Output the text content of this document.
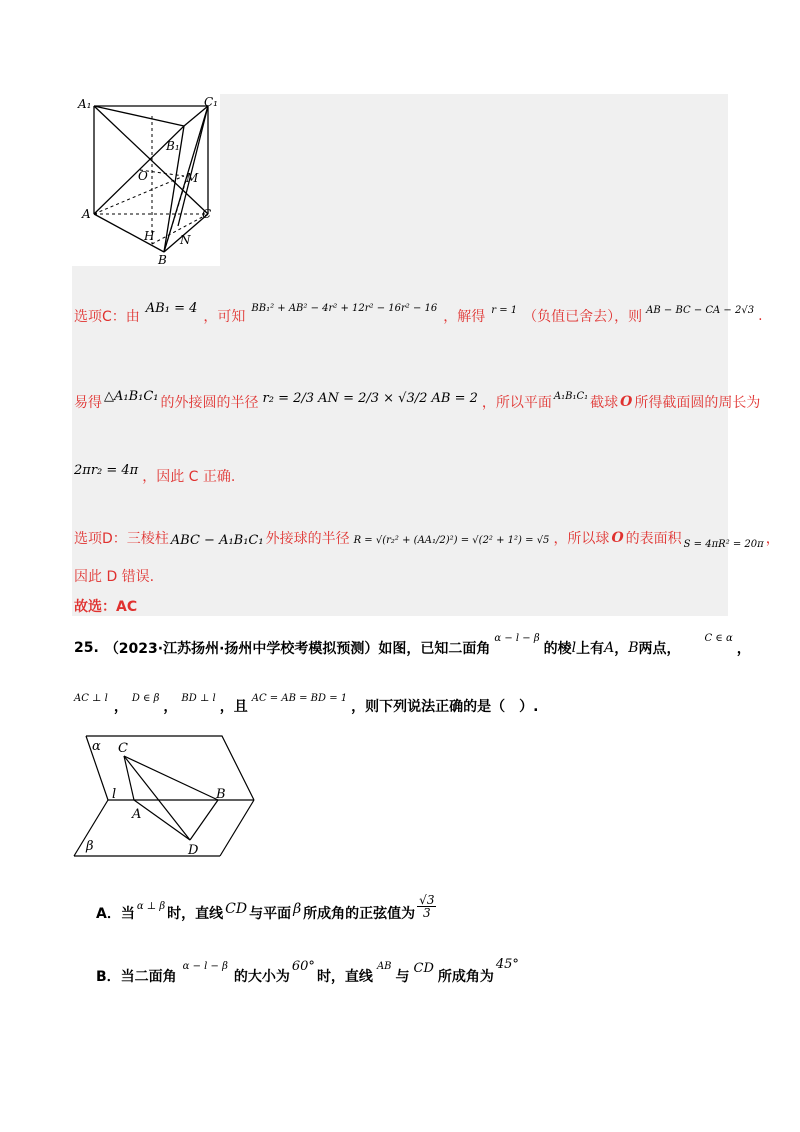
A₁	C₁
B₁
O	M
A	C
H N
B
选项C：由
AB₁ = 4
，可知
BB₁² + AB² − 4r² + 12r² − 16r² − 16
，解得 r = 1 （负值已舍去），则 AB − BC − CA − 2√3 .
易得 △A₁B₁C₁ 的外接圆的半径 r₂ = 2/3 AN = 2/3 × √3/2 AB = 2 ，所以平面 A₁B₁C₁ 截球 O 所得截面圆的周长为
2πr₂ = 4π ，因此 C 正确.
选项D：三棱柱 ABC − A₁B₁C₁ 外接球的半径 R = √(r₂² + (AA₁/2)²) = √(2² + 1²) = √5 ，所以球 O 的表面积 S = 4πR² = 20π ，
因此 D 错误.
故选：AC
25. （2023·江苏扬州·扬州中学校考模拟预测） 如图，已知二面角
α − l − β
的棱 l 上有 A ， B 两点，
C ∈ α
，
AC ⊥ l
，
D ∈ β
，
BD ⊥ l
，且
AC = AB = BD = 1
，则下列说法正确的是（　）.
α C
l	B
A
D
β
A．当 α ⊥ β 时，直线 CD 与平面 β 所成角的正弦值为 $\frac{√3}{3}$
B．当二面角
α − l − β
的大小为
60°
时，直线
AB
与
CD
所成角为
45°
